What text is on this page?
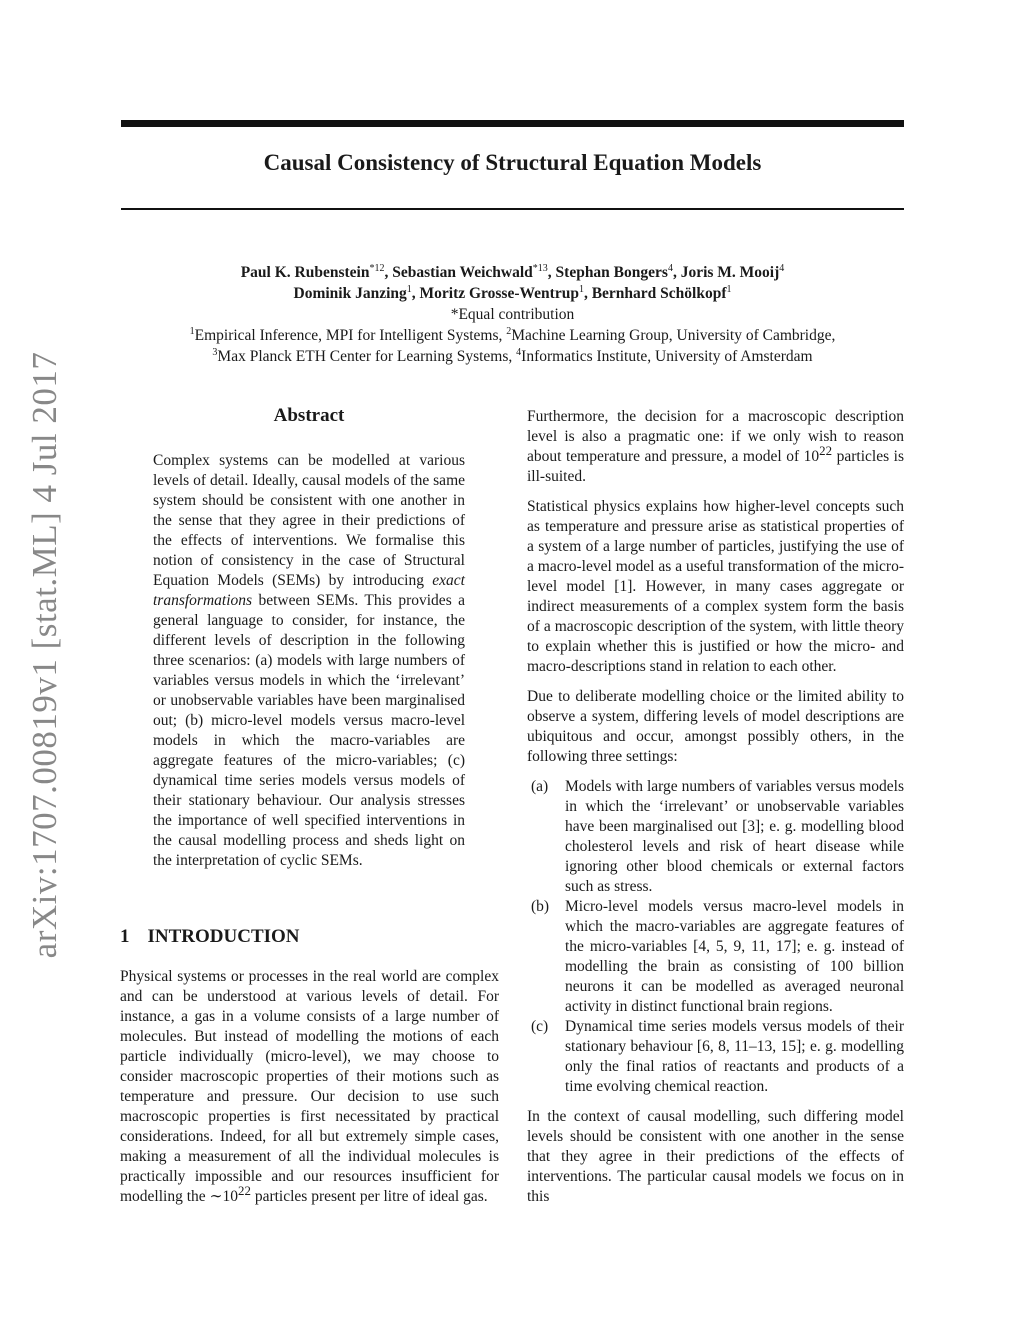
Causal Consistency of Structural Equation Models
Paul K. Rubenstein$^{*12}$, Sebastian Weichwald$^{*13}$, Stephan Bongers$^4$, Joris M. Mooij$^4$
Dominik Janzing$^1$, Moritz Grosse-Wentrup$^1$, Bernhard Schölkopf$^1$
*Equal contribution
$^1$Empirical Inference, MPI for Intelligent Systems, $^2$Machine Learning Group, University of Cambridge,
$^3$Max Planck ETH Center for Learning Systems, $^4$Informatics Institute, University of Amsterdam
arXiv:1707.00819v1 [stat.ML] 4 Jul 2017	Abstract
Complex systems can be modelled at various levels of detail. Ideally, causal models of the same system should be consistent with one another in the sense that they agree in their predictions of the effects of interventions. We formalise this notion of consistency in the case of Structural Equation Models (SEMs) by introducing exact transformations between SEMs. This provides a general language to consider, for instance, the different levels of description in the following three scenarios: (a) models with large numbers of variables versus models in which the ‘irrelevant’ or unobservable variables have been marginalised out; (b) micro-level models versus macro-level models in which the macro-variables are aggregate features of the micro-variables; (c) dynamical time series models versus models of their stationary behaviour. Our analysis stresses the importance of well specified interventions in the causal modelling process and sheds light on the interpretation of cyclic SEMs.
1 INTRODUCTION
Physical systems or processes in the real world are complex and can be understood at various levels of detail. For instance, a gas in a volume consists of a large number of molecules. But instead of modelling the motions of each particle individually (micro-level), we may choose to consider macroscopic properties of their motions such as temperature and pressure. Our decision to use such macroscopic properties is first necessitated by practical considerations. Indeed, for all but extremely simple cases, making a measurement of all the individual molecules is practically impossible and our resources insufficient for modelling the $\sim 10^{22}$ particles present per litre of ideal gas.

Furthermore, the decision for a macroscopic description level is also a pragmatic one: if we only wish to reason about temperature and pressure, a model of $10^{22}$ particles is ill-suited.

Statistical physics explains how higher-level concepts such as temperature and pressure arise as statistical properties of a system of a large number of particles, justifying the use of a macro-level model as a useful transformation of the micro-level model [1]. However, in many cases aggregate or indirect measurements of a complex system form the basis of a macroscopic description of the system, with little theory to explain whether this is justified or how the micro- and macro-descriptions stand in relation to each other.

Due to deliberate modelling choice or the limited ability to observe a system, differing levels of model descriptions are ubiquitous and occur, amongst possibly others, in the following three settings:

(a)	Models with large numbers of variables versus models in which the ‘irrelevant’ or unobservable variables have been marginalised out [3]; e. g. modelling blood cholesterol levels and risk of heart disease while ignoring other blood chemicals or external factors such as stress.
(b)	Micro-level models versus macro-level models in which the macro-variables are aggregate features of the micro-variables [4, 5, 9, 11, 17]; e. g. instead of modelling the brain as consisting of 100 billion neurons it can be modelled as averaged neuronal activity in distinct functional brain regions.
(c)	Dynamical time series models versus models of their stationary behaviour [6, 8, 11–13, 15]; e. g. modelling only the final ratios of reactants and products of a time evolving chemical reaction.

In the context of causal modelling, such differing model levels should be consistent with one another in the sense that they agree in their predictions of the effects of interventions. The particular causal models we focus on in this
